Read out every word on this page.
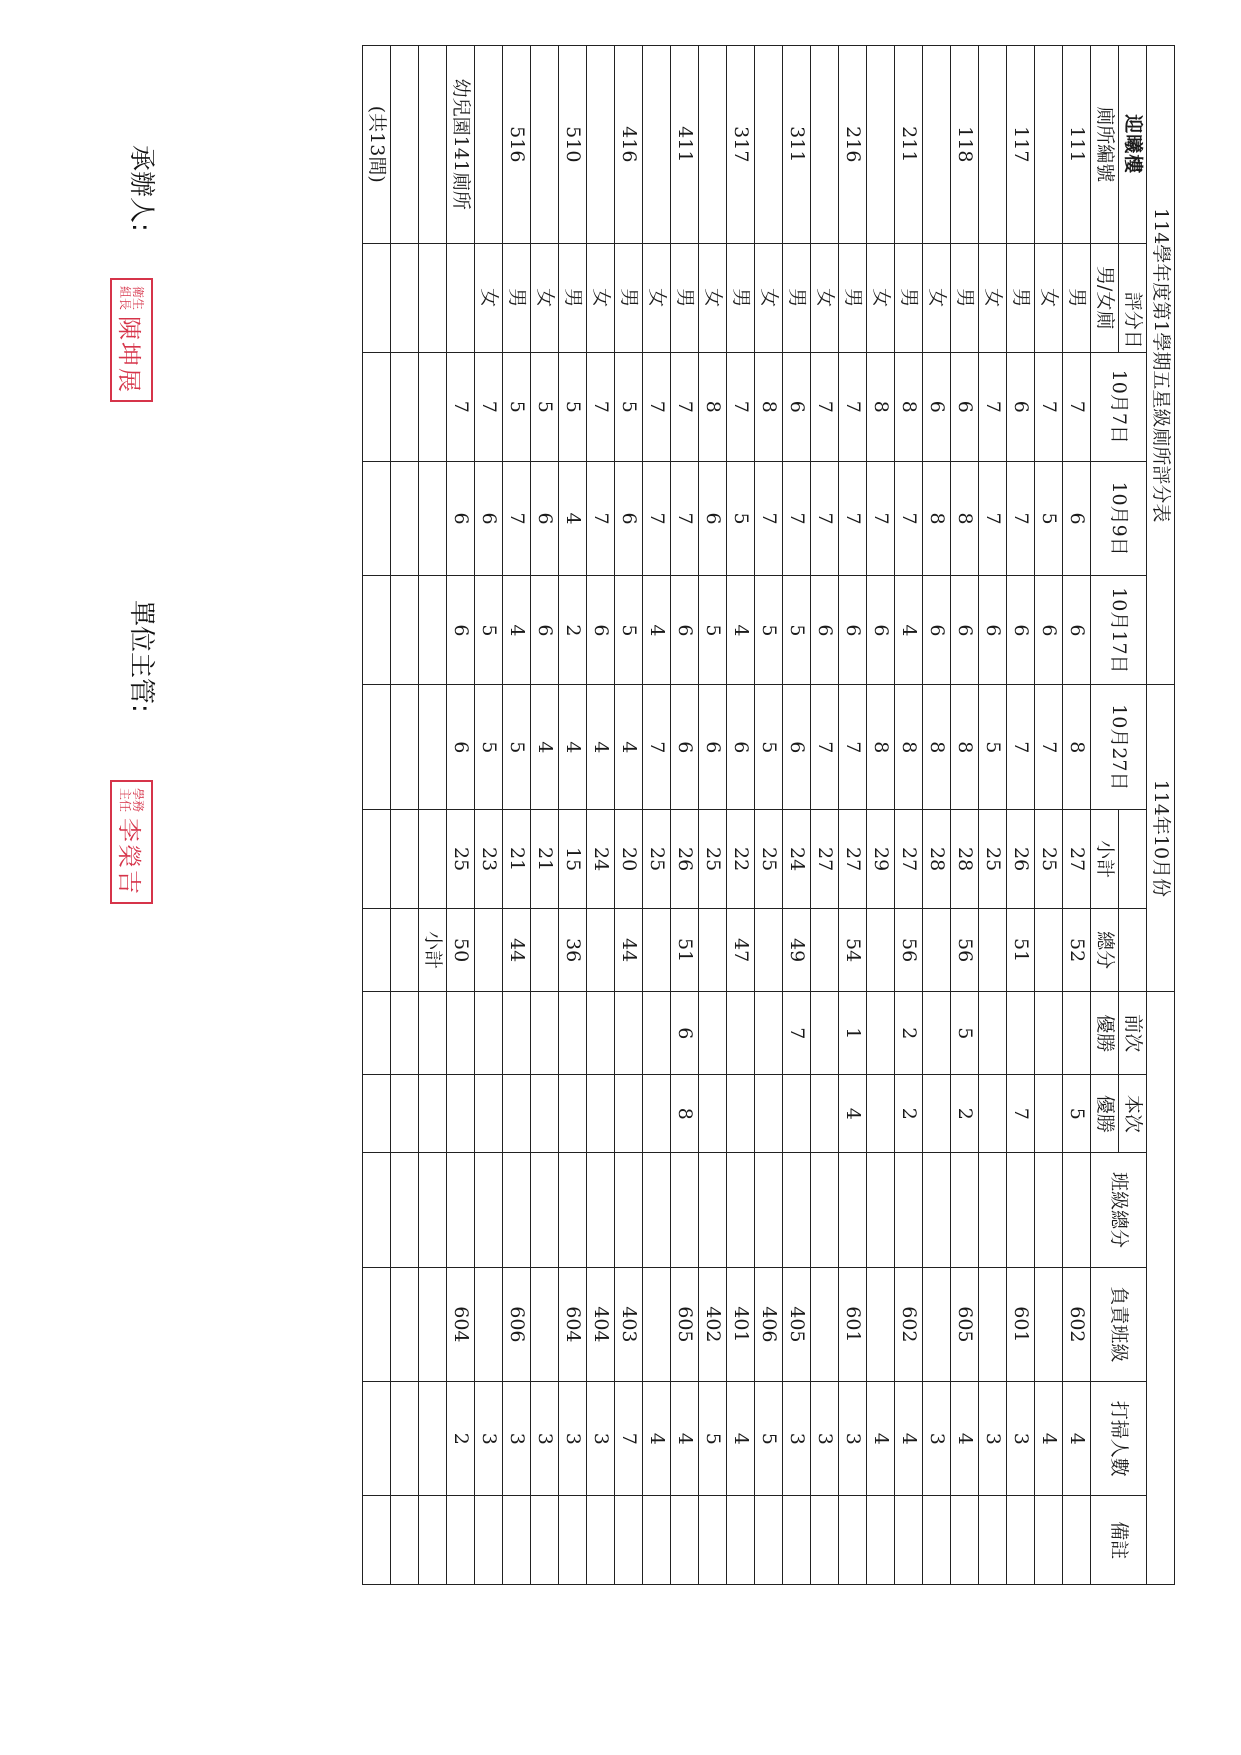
114學年度第1學期五星級廁所評分表					114年10月份								
迎曦樓	評分日	10月7日	10月9日	10月17日	10月27日			前次	本次	班級總分	負責班級	打掃人數	備註
廁所編號	男/女廁					小計	總分	優勝	優勝				
111	男	7	6	6	8	27	52		5		602	4	
	女	7	5	6	7	25						4	
117	男	6	7	6	7	26	51		7		601	3	
	女	7	7	6	5	25						3	
118	男	6	8	6	8	28	56	5	2		605	4	
	女	6	8	6	8	28						3	
211	男	8	7	4	8	27	56	2	2		602	4	
	女	8	7	6	8	29						4	
216	男	7	7	6	7	27	54	1	4		601	3	
	女	7	7	6	7	27						3	
311	男	6	7	5	6	24	49	7			405	3	
	女	8	7	5	5	25					406	5	
317	男	7	5	4	6	22	47				401	4	
	女	8	6	5	6	25					402	5	
411	男	7	7	6	6	26	51	6	8		605	4	
	女	7	7	4	7	25						4	
416	男	5	6	5	4	20	44				403	7	
	女	7	7	6	4	24					404	3	
510	男	5	4	2	4	15	36				604	3	
	女	5	6	6	4	21						3	
516	男	5	7	4	5	21	44				606	3	
	女	7	6	5	5	23						3	
幼兒園141廁所		7	6	6	6	25	50				604	2	
							小計						

(共13間)													
承辦人:
衛生
組長
陳坤展
單位主管:
學務
主任
李榮吉
